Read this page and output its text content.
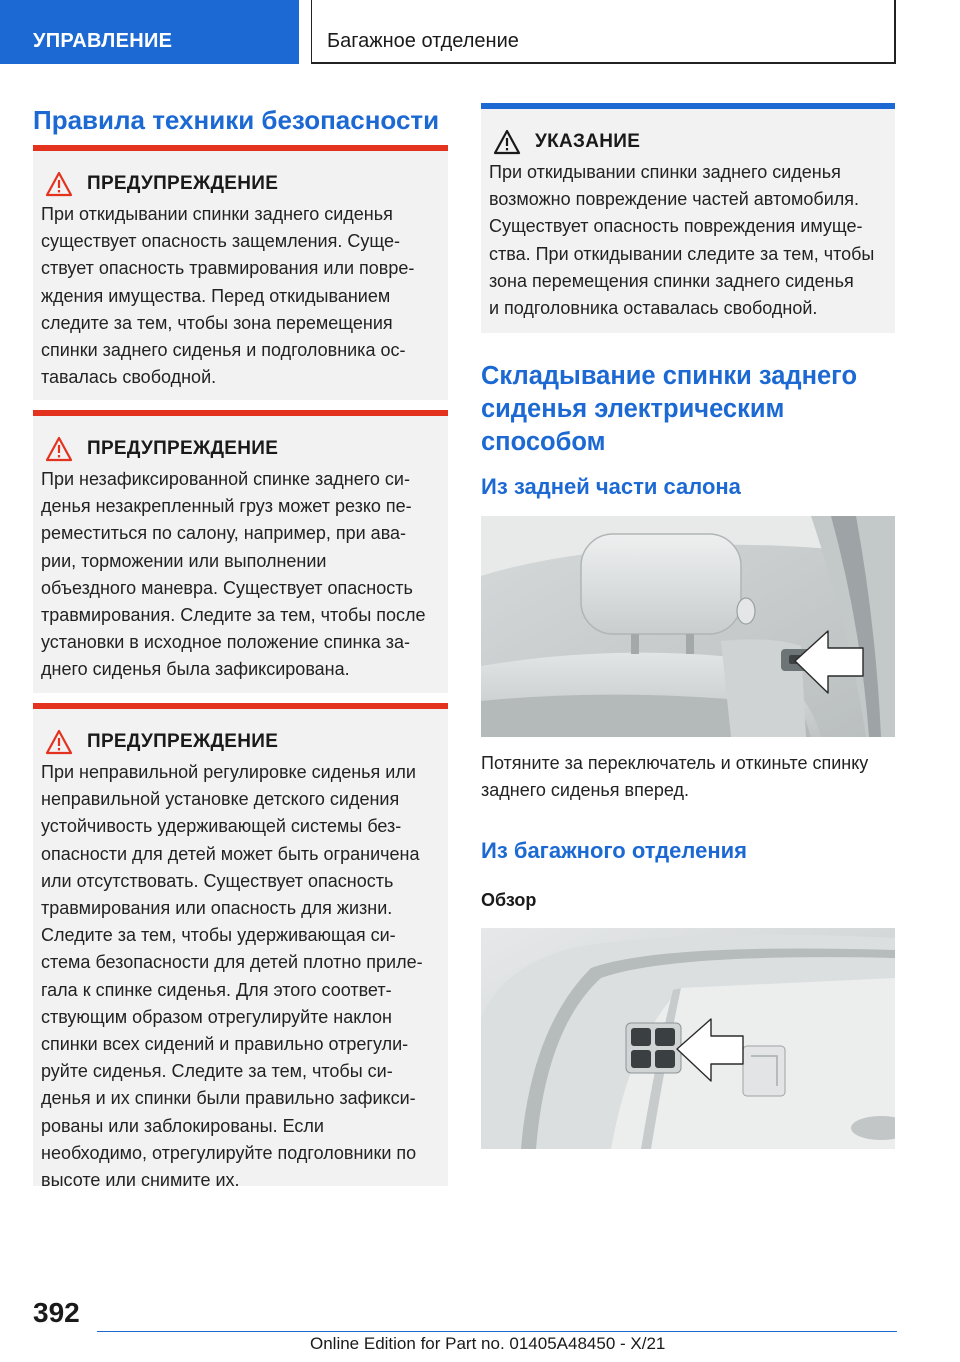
УПРАВЛЕНИЕ	Багажное отделение
Правила техники безопасности
ПРЕДУПРЕЖДЕНИЕ
При откидывании спинки заднего сиденья
существует опасность защемления. Суще-
ствует опасность травмирования или повре-
ждения имущества. Перед откидыванием
следите за тем, чтобы зона перемещения
спинки заднего сиденья и подголовника ос-
тавалась свободной.
ПРЕДУПРЕЖДЕНИЕ
При незафиксированной спинке заднего си-
денья незакрепленный груз может резко пе-
реместиться по салону, например, при ава-
рии, торможении или выполнении
объездного маневра. Существует опасность
травмирования. Следите за тем, чтобы после
установки в исходное положение спинка за-
днего сиденья была зафиксирована.
ПРЕДУПРЕЖДЕНИЕ
При неправильной регулировке сиденья или
неправильной установке детского сидения
устойчивость удерживающей системы без-
опасности для детей может быть ограничена
или отсутствовать. Существует опасность
травмирования или опасность для жизни.
Следите за тем, чтобы удерживающая си-
стема безопасности для детей плотно приле-
гала к спинке сиденья. Для этого соответ-
ствующим образом отрегулируйте наклон
спинки всех сидений и правильно отрегули-
руйте сиденья. Следите за тем, чтобы си-
денья и их спинки были правильно зафикси-
рованы или заблокированы. Если
необходимо, отрегулируйте подголовники по
высоте или снимите их.
УКАЗАНИЕ
При откидывании спинки заднего сиденья
возможно повреждение частей автомобиля.
Существует опасность повреждения имуще-
ства. При откидывании следите за тем, чтобы
зона перемещения спинки заднего сиденья
и подголовника оставалась свободной.
Складывание спинки заднего
сиденья электрическим
способом
Из задней части салона
Потяните за переключатель и откиньте спинку
заднего сиденья вперед.
Из багажного отделения
Обзор
392
Online Edition for Part no. 01405A48450 - X/21
